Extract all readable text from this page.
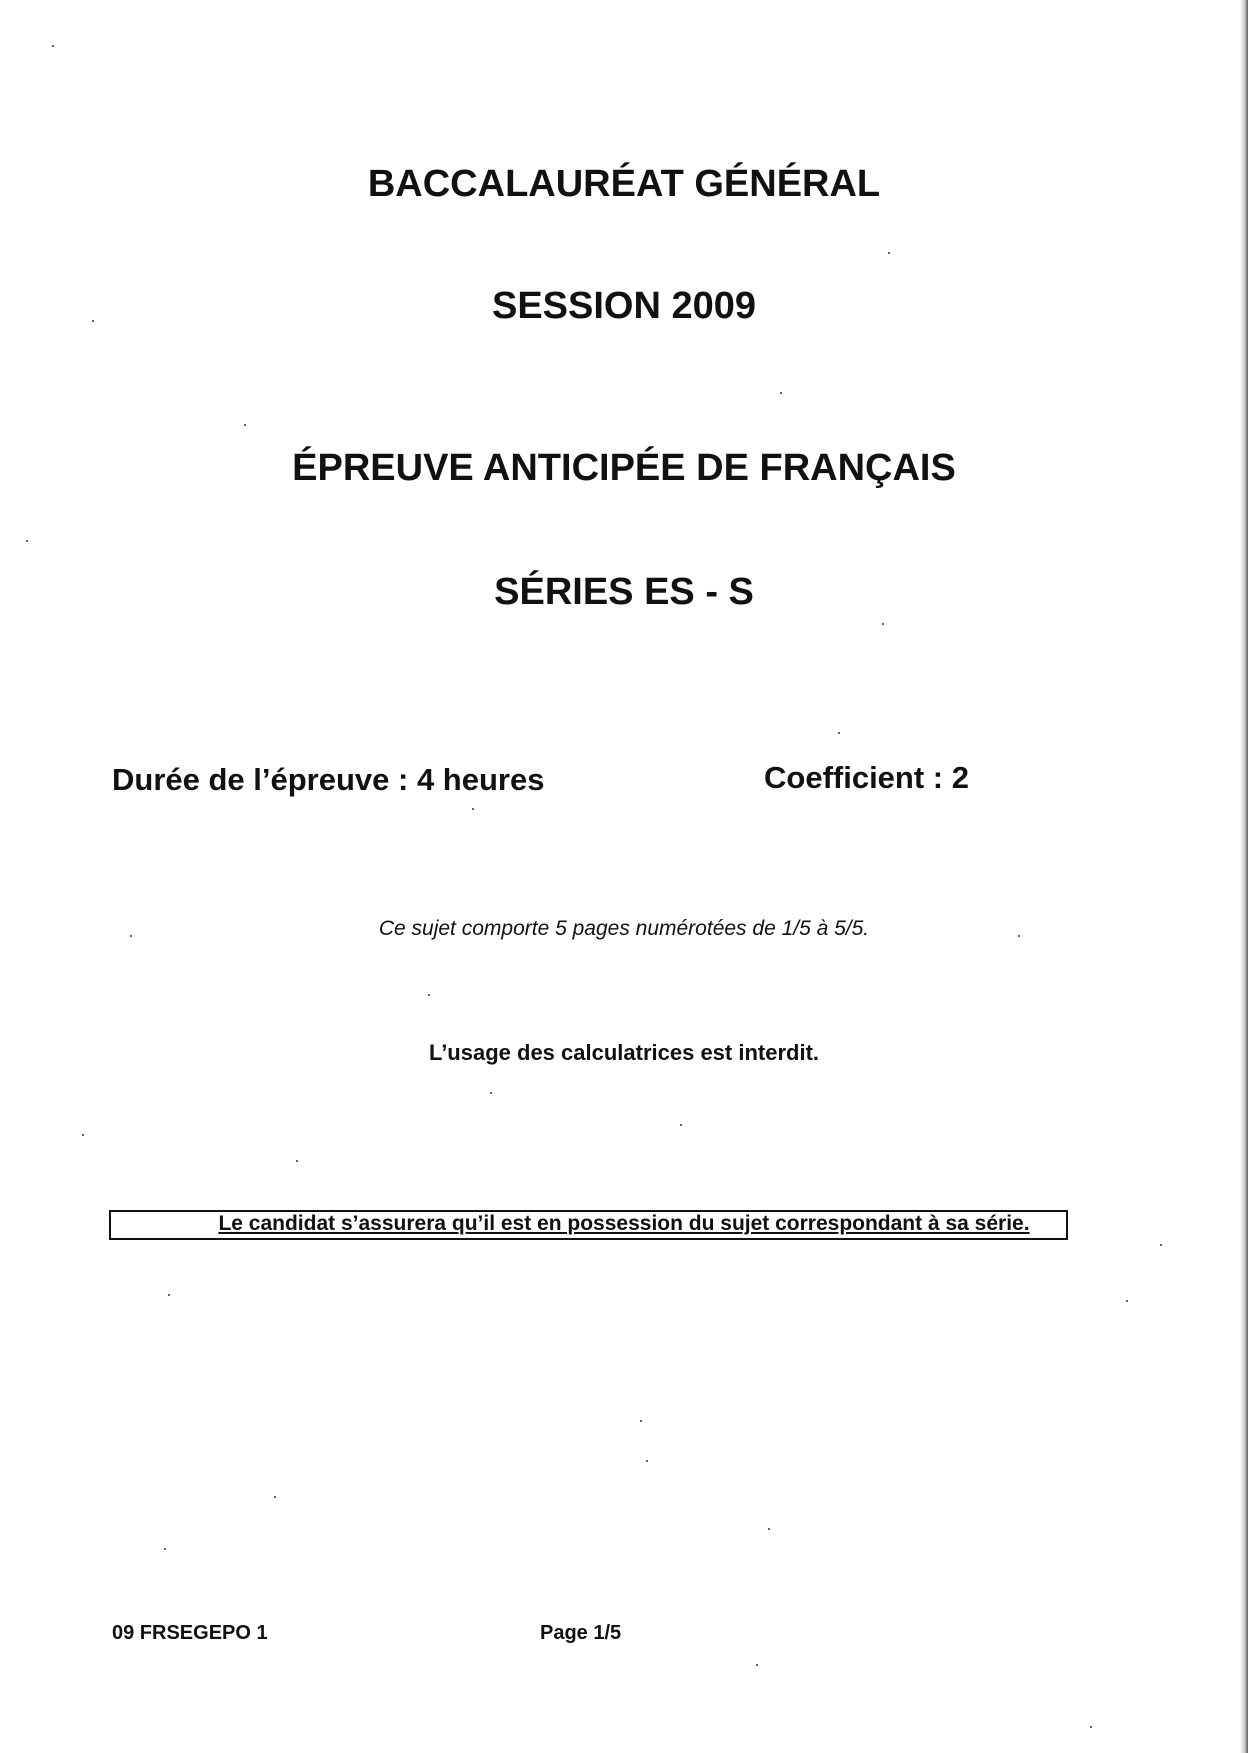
BACCALAURÉAT GÉNÉRAL
SESSION 2009
ÉPREUVE ANTICIPÉE DE FRANÇAIS
SÉRIES ES - S

Durée de l’épreuve : 4 heures	Coefficient : 2

Ce sujet comporte 5 pages numérotées de 1/5 à 5/5.

L’usage des calculatrices est interdit.

Le candidat s’assurera qu’il est en possession du sujet correspondant à sa série.

09 FRSEGEPO 1	Page 1/5
